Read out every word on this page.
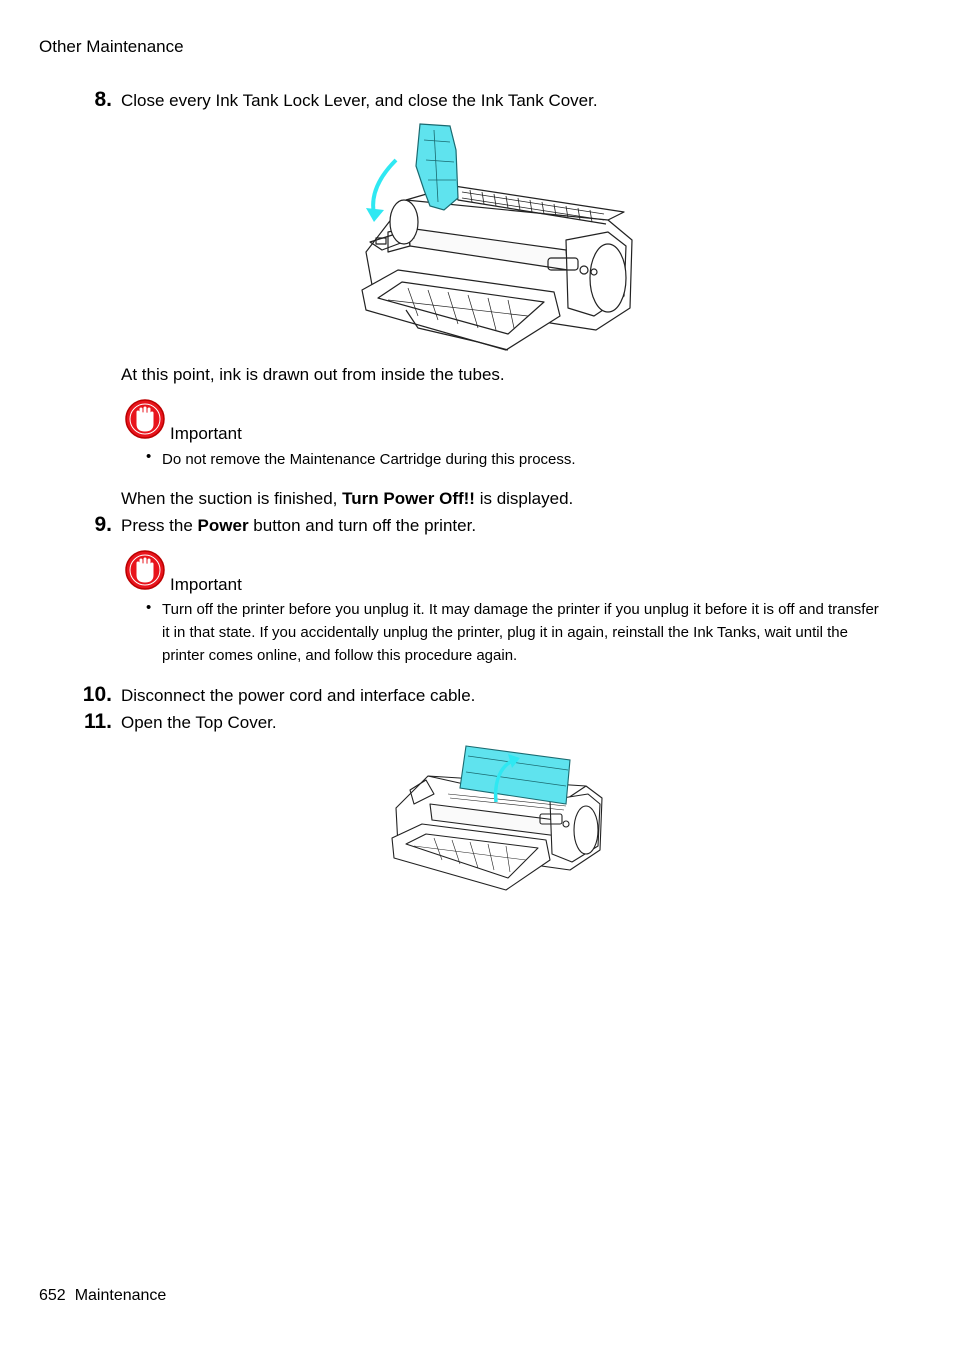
Other Maintenance
8. Close every Ink Tank Lock Lever, and close the Ink Tank Cover.
At this point, ink is drawn out from inside the tubes.
Important
• Do not remove the Maintenance Cartridge during this process.
When the suction is finished, Turn Power Off!! is displayed.
9. Press the Power button and turn off the printer.
Important
• Turn off the printer before you unplug it. It may damage the printer if you unplug it before it is off and transfer it in that state. If you accidentally unplug the printer, plug it in again, reinstall the Ink Tanks, wait until the printer comes online, and follow this procedure again.
10. Disconnect the power cord and interface cable.
11. Open the Top Cover.
652 Maintenance
